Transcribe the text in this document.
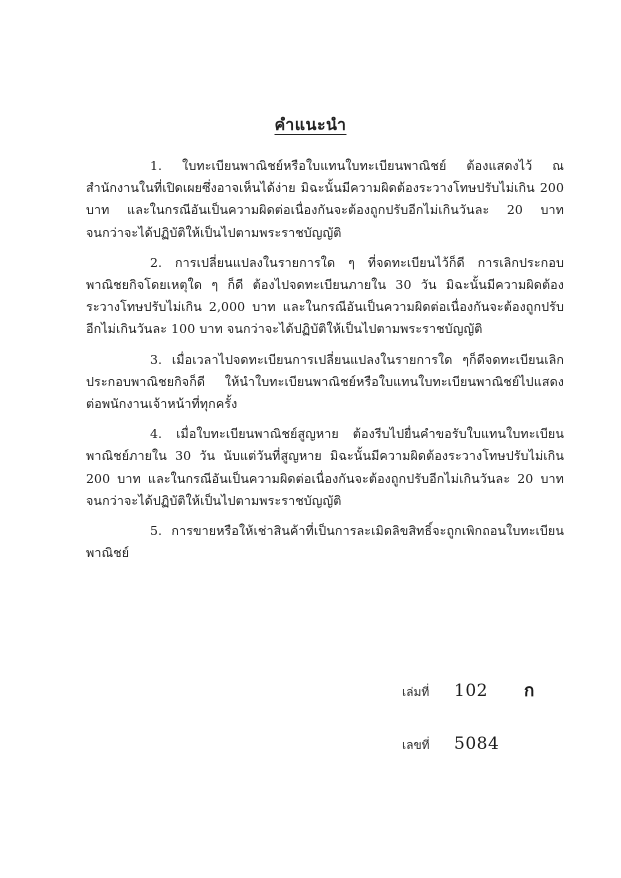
คำแนะนำ

1. ใบทะเบียนพาณิชย์หรือใบแทนใบทะเบียนพาณิชย์ ต้องแสดงไว้ ณ สำนักงานในที่เปิดเผยซึ่งอาจเห็นได้ง่าย มิฉะนั้นมีความผิดต้องระวางโทษปรับไม่เกิน 200 บาท และในกรณีอันเป็นความผิดต่อเนื่องกันจะต้องถูกปรับอีกไม่เกินวันละ 20 บาท จนกว่าจะได้ปฏิบัติให้เป็นไปตามพระราชบัญญัติ

2. การเปลี่ยนแปลงในรายการใด ๆ ที่จดทะเบียนไว้ก็ดี การเลิกประกอบพาณิชยกิจโดยเหตุใด ๆ ก็ดี ต้องไปจดทะเบียนภายใน 30 วัน มิฉะนั้นมีความผิดต้องระวางโทษปรับไม่เกิน 2,000 บาท และในกรณีอันเป็นความผิดต่อเนื่องกันจะต้องถูกปรับอีกไม่เกินวันละ 100 บาท จนกว่าจะได้ปฏิบัติให้เป็นไปตามพระราชบัญญัติ

3. เมื่อเวลาไปจดทะเบียนการเปลี่ยนแปลงในรายการใด ๆก็ดีจดทะเบียนเลิกประกอบพาณิชยกิจก็ดี ให้นำใบทะเบียนพาณิชย์หรือใบแทนใบทะเบียนพาณิชย์ไปแสดงต่อพนักงานเจ้าหน้าที่ทุกครั้ง

4. เมื่อใบทะเบียนพาณิชย์สูญหาย ต้องรีบไปยื่นคำขอรับใบแทนใบทะเบียนพาณิชย์ภายใน 30 วัน นับแต่วันที่สูญหาย มิฉะนั้นมีความผิดต้องระวางโทษปรับไม่เกิน 200 บาท และในกรณีอันเป็นความผิดต่อเนื่องกันจะต้องถูกปรับอีกไม่เกินวันละ 20 บาท จนกว่าจะได้ปฏิบัติให้เป็นไปตามพระราชบัญญัติ

5. การขายหรือให้เช่าสินค้าที่เป็นการละเมิดลิขสิทธิ์จะถูกเพิกถอนใบทะเบียนพาณิชย์

เล่มที่	102 ก
เลขที่	5084
